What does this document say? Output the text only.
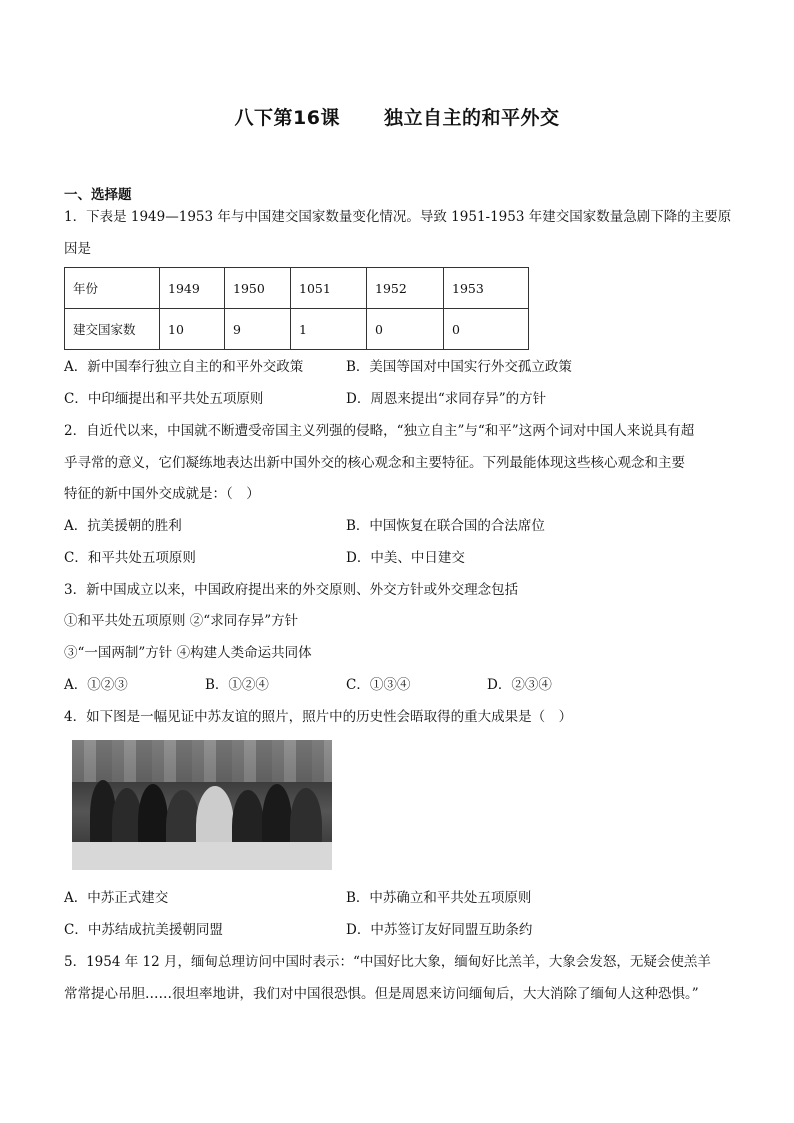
八下第16课 独立自主的和平外交
一、选择题
1．下表是 1949—1953 年与中国建交国家数量变化情况。导致 1951-1953 年建交国家数量急剧下降的主要原
因是
年份	1949	1950	1051	1952	1953
建交国家数	10	9	1	0	0
A．新中国奉行独立自主的和平外交政策	B．美国等国对中国实行外交孤立政策
C．中印缅提出和平共处五项原则	D．周恩来提出“求同存异”的方针
2．自近代以来，中国就不断遭受帝国主义列强的侵略，“独立自主”与“和平”这两个词对中国人来说具有超
乎寻常的意义，它们凝练地表达出新中国外交的核心观念和主要特征。下列最能体现这些核心观念和主要
特征的新中国外交成就是：（　）
A．抗美援朝的胜利	B．中国恢复在联合国的合法席位
C．和平共处五项原则	D．中美、中日建交
3．新中国成立以来，中国政府提出来的外交原则、外交方针或外交理念包括
①和平共处五项原则 ②“求同存异”方针
③“一国两制”方针 ④构建人类命运共同体
A．①②③	B．①②④	C．①③④	D．②③④
4．如下图是一幅见证中苏友谊的照片，照片中的历史性会晤取得的重大成果是（　）
A．中苏正式建交	B．中苏确立和平共处五项原则
C．中苏结成抗美援朝同盟	D．中苏签订友好同盟互助条约
5．1954 年 12 月，缅甸总理访问中国时表示：“中国好比大象，缅甸好比羔羊，大象会发怒，无疑会使羔羊
常常提心吊胆……很坦率地讲，我们对中国很恐惧。但是周恩来访问缅甸后，大大消除了缅甸人这种恐惧。”
